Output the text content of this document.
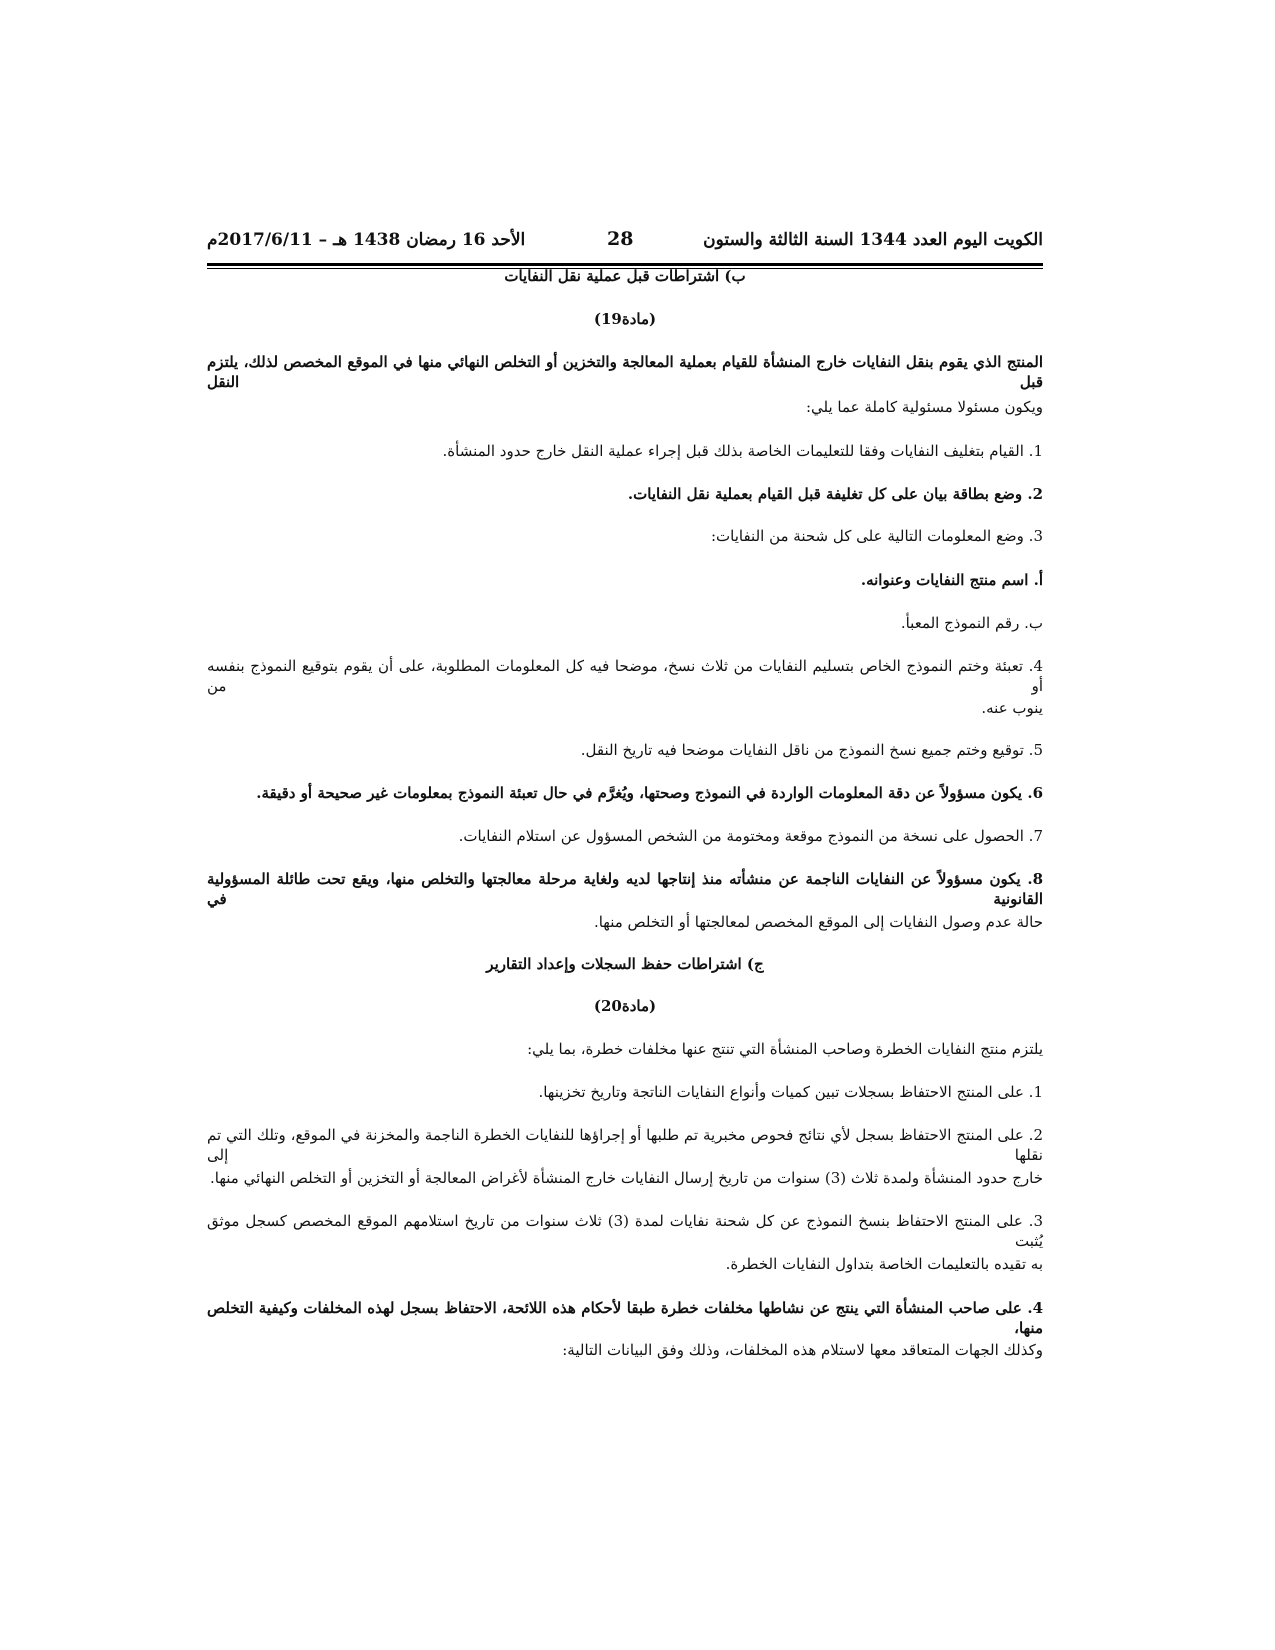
الكويت اليوم العدد 1344 السنة الثالثة والستون
28
الأحد 16 رمضان 1438 هـ – 2017/6/11م
ب) اشتراطات قبل عملية نقل النفايات
(مادة19)
المنتج الذي يقوم بنقل النفايات خارج المنشأة للقيام بعملية المعالجة والتخزين أو التخلص النهائي منها في الموقع المخصص لذلك، يلتزم قبل النقل
ويكون مسئولا مسئولية كاملة عما يلي:
1. القيام بتغليف النفايات وفقا للتعليمات الخاصة بذلك قبل إجراء عملية النقل خارج حدود المنشأة.
2. وضع بطاقة بيان على كل تغليفة قبل القيام بعملية نقل النفايات.
3. وضع المعلومات التالية على كل شحنة من النفايات:
أ. اسم منتج النفايات وعنوانه.
ب. رقم النموذج المعبأ.
4. تعبئة وختم النموذج الخاص بتسليم النفايات من ثلاث نسخ، موضحا فيه كل المعلومات المطلوبة، على أن يقوم بتوقيع النموذج بنفسه أو من
ينوب عنه.
5. توقيع وختم جميع نسخ النموذج من ناقل النفايات موضحا فيه تاريخ النقل.
6. يكون مسؤولاً عن دقة المعلومات الواردة في النموذج وصحتها، ويُغرَّم في حال تعبئة النموذج بمعلومات غير صحيحة أو دقيقة.
7. الحصول على نسخة من النموذج موقعة ومختومة من الشخص المسؤول عن استلام النفايات.
8. يكون مسؤولاً عن النفايات الناجمة عن منشأته منذ إنتاجها لديه ولغاية مرحلة معالجتها والتخلص منها، ويقع تحت طائلة المسؤولية القانونية في
حالة عدم وصول النفايات إلى الموقع المخصص لمعالجتها أو التخلص منها.
ج) اشتراطات حفظ السجلات وإعداد التقارير
(مادة20)
يلتزم منتج النفايات الخطرة وصاحب المنشأة التي تنتج عنها مخلفات خطرة، بما يلي:
1. على المنتج الاحتفاظ بسجلات تبين كميات وأنواع النفايات الناتجة وتاريخ تخزينها.
2. على المنتج الاحتفاظ بسجل لأي نتائج فحوص مخبرية تم طلبها أو إجراؤها للنفايات الخطرة الناجمة والمخزنة في الموقع، وتلك التي تم نقلها إلى
خارج حدود المنشأة ولمدة ثلاث (3) سنوات من تاريخ إرسال النفايات خارج المنشأة لأغراض المعالجة أو التخزين أو التخلص النهائي منها.
3. على المنتج الاحتفاظ بنسخ النموذج عن كل شحنة نفايات لمدة (3) ثلاث سنوات من تاريخ استلامهم الموقع المخصص كسجل موثق يُثبت
به تقيده بالتعليمات الخاصة بتداول النفايات الخطرة.
4. على صاحب المنشأة التي ينتج عن نشاطها مخلفات خطرة طبقا لأحكام هذه اللائحة، الاحتفاظ بسجل لهذه المخلفات وكيفية التخلص منها،
وكذلك الجهات المتعاقد معها لاستلام هذه المخلفات، وذلك وفق البيانات التالية:
